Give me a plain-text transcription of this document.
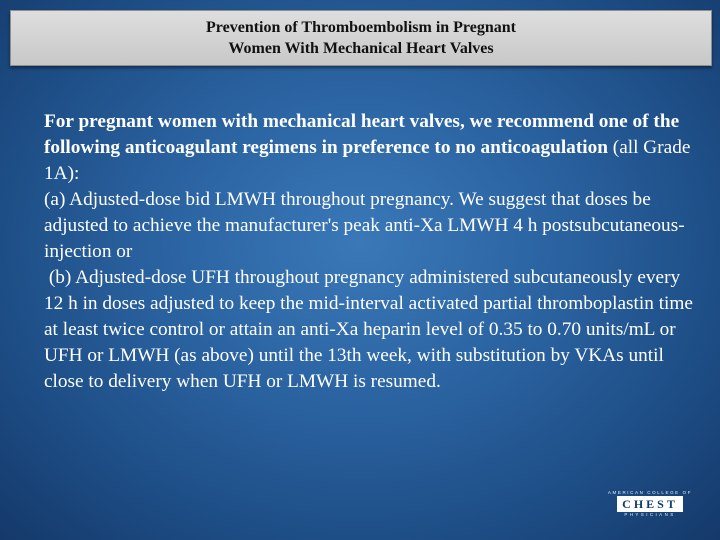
Prevention of Thromboembolism in Pregnant
Women With Mechanical Heart Valves
For pregnant women with mechanical heart valves, we recommend one of the following anticoagulant regimens in preference to no anticoagulation (all Grade 1A):
(a) Adjusted-dose bid LMWH throughout pregnancy. We suggest that doses be adjusted to achieve the manufacturer's peak anti-Xa LMWH 4 h postsubcutaneous-injection or
(b) Adjusted-dose UFH throughout pregnancy administered subcutaneously every 12 h in doses adjusted to keep the mid-interval activated partial thromboplastin time at least twice control or attain an anti-Xa heparin level of 0.35 to 0.70 units/mL or UFH or LMWH (as above) until the 13th week, with substitution by VKAs until close to delivery when UFH or LMWH is resumed.
AMERICAN COLLEGE OF
CHEST
PHYSICIANS
